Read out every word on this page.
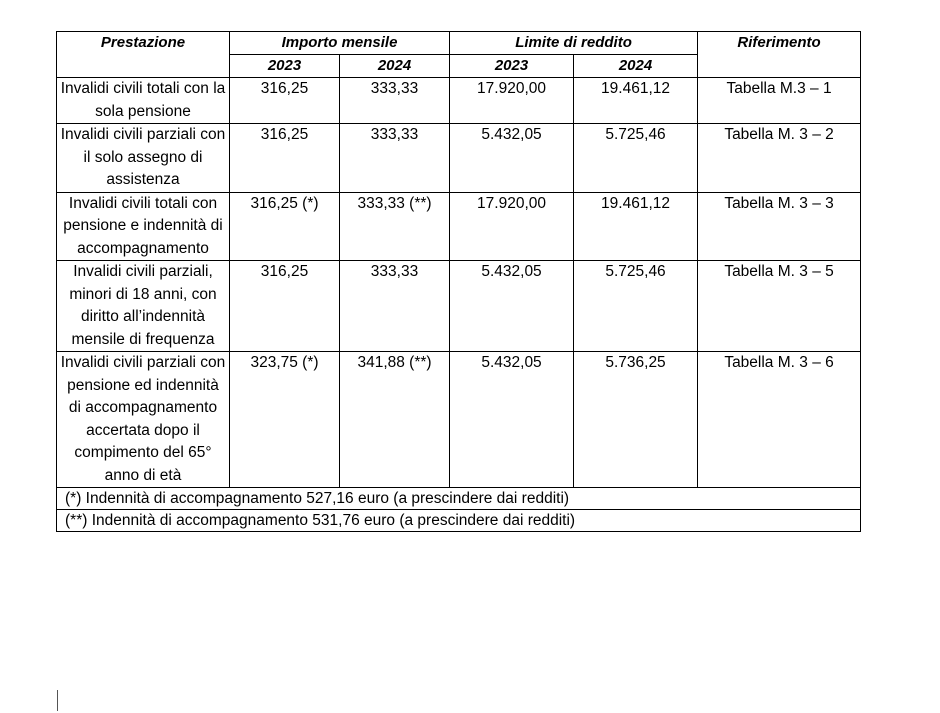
Prestazione	Importo mensile		Limite di reddito		Riferimento
	2023	2024	2023	2024	
Invalidi civili totali con la sola pensione	316,25	333,33	17.920,00	19.461,12	Tabella M.3 – 1
Invalidi civili parziali con il solo assegno di assistenza	316,25	333,33	5.432,05	5.725,46	Tabella M. 3 – 2
Invalidi civili totali con pensione e indennità di accompagnamento	316,25 (*)	333,33 (**)	17.920,00	19.461,12	Tabella M. 3 – 3
Invalidi civili parziali, minori di 18 anni, con diritto all’indennità mensile di frequenza	316,25	333,33	5.432,05	5.725,46	Tabella M. 3 – 5
Invalidi civili parziali con pensione ed indennità di accompagnamento accertata dopo il compimento del 65° anno di età	323,75 (*)	341,88 (**)	5.432,05	5.736,25	Tabella M. 3 – 6
(*) Indennità di accompagnamento 527,16 euro (a prescindere dai redditi)					
(**) Indennità di accompagnamento 531,76 euro (a prescindere dai redditi)					
